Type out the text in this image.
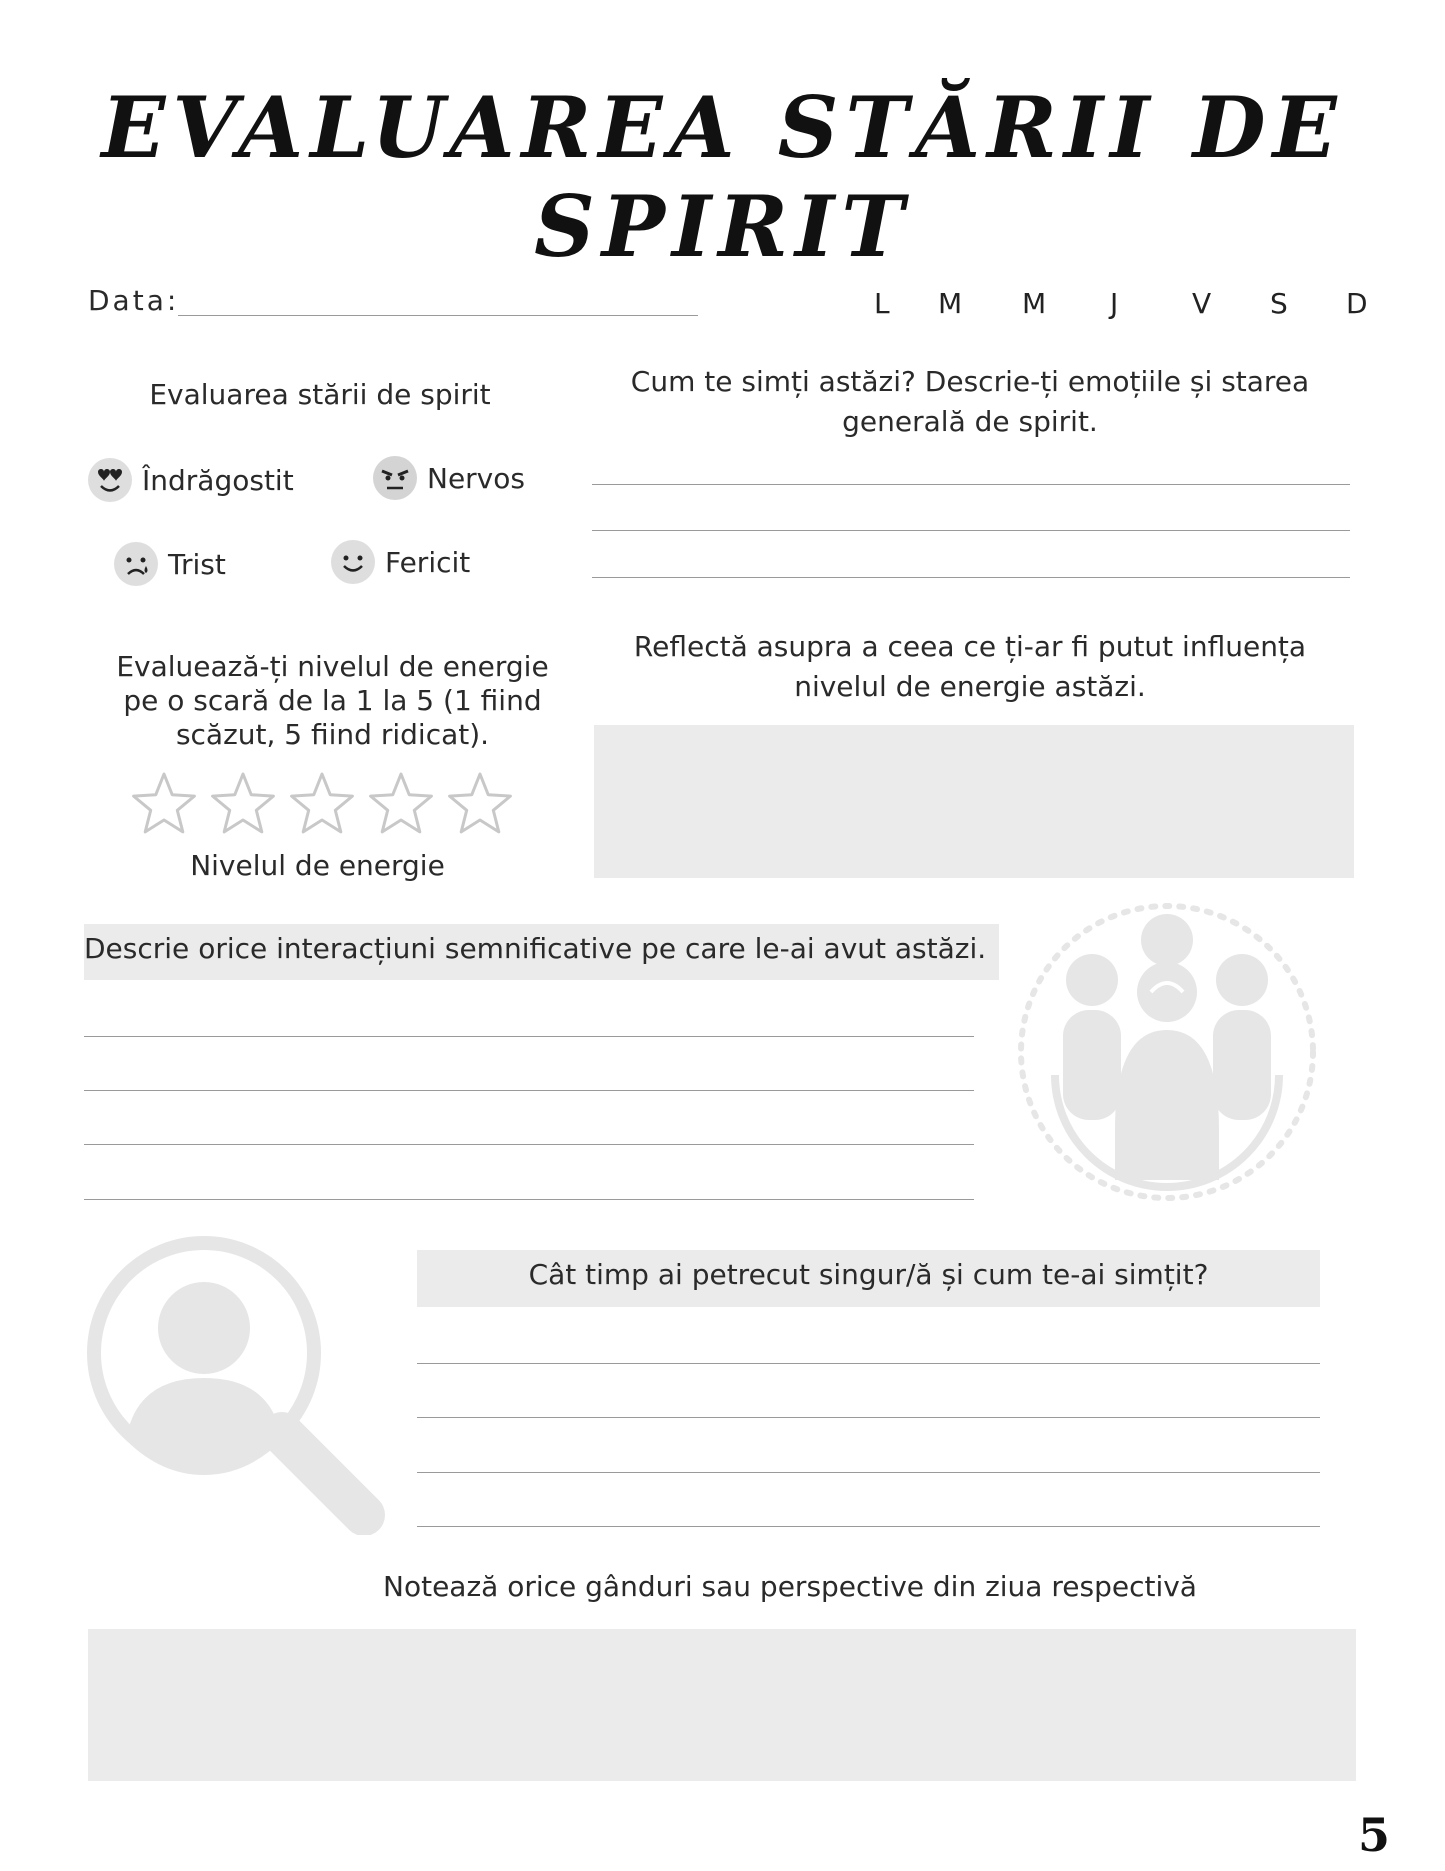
EVALUAREA STĂRII DE SPIRIT
Data:	L M M J	V S D
Evaluarea stării de spirit
Îndrăgostit	Nervos
Trist	Fericit
Cum te simți astăzi? Descrie-ți emoțiile și starea generală de spirit.
Evaluează-ți nivelul de energie pe o scară de la 1 la 5 (1 fiind scăzut, 5 fiind ridicat).
Nivelul de energie
Reflectă asupra a ceea ce ți-ar fi putut influența nivelul de energie astăzi.
Descrie orice interacțiuni semnificative pe care le-ai avut astăzi.
Cât timp ai petrecut singur/ă și cum te-ai simțit?
Notează orice gânduri sau perspective din ziua respectivă
5
